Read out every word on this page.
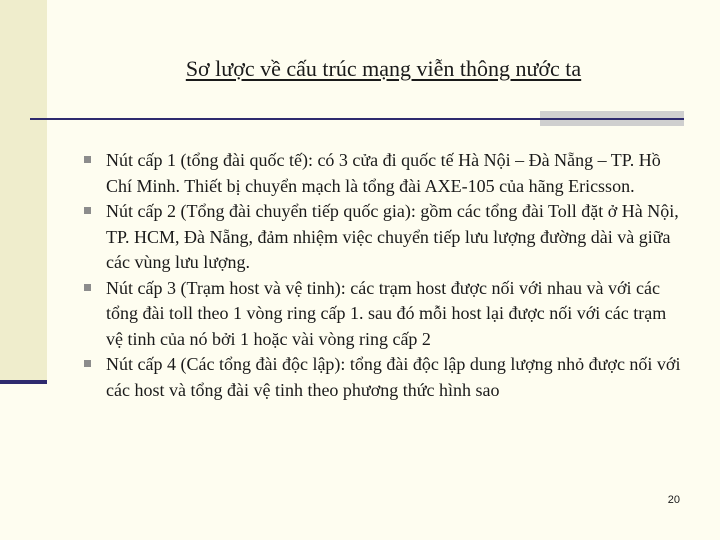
Sơ lược về cấu trúc mạng viễn thông nước ta
Nút cấp 1 (tổng đài quốc tế): có 3 cửa đi quốc tế Hà Nội – Đà Nẵng – TP. Hồ Chí Minh. Thiết bị chuyển mạch là tổng đài AXE-105 của hãng Ericsson.
Nút cấp 2 (Tổng đài chuyển tiếp quốc gia): gồm các tổng đài Toll đặt ở Hà Nội, TP. HCM, Đà Nẵng, đảm nhiệm việc chuyển tiếp lưu lượng đường dài và giữa các vùng lưu lượng.
Nút cấp 3 (Trạm host và vệ tinh): các trạm host được nối với nhau và với các tổng đài toll theo 1 vòng ring cấp 1. sau đó mỗi host lại được nối với các trạm vệ tinh của nó bởi 1 hoặc vài vòng ring cấp 2
Nút cấp 4 (Các tổng đài độc lập): tổng đài độc lập dung lượng nhỏ được nối với các host và tổng đài vệ tinh theo phương thức hình sao
20
